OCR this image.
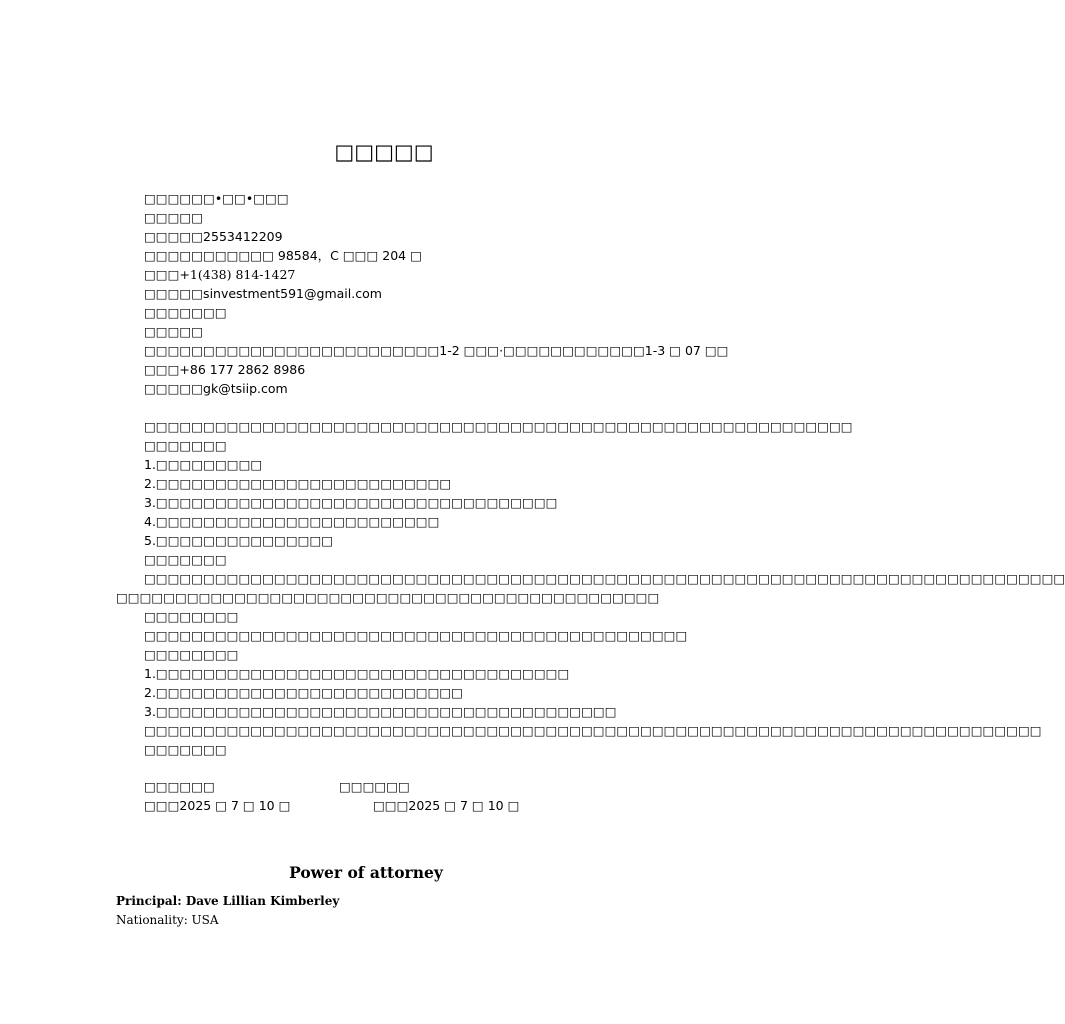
□□□□□
□□□□□□•□□•□□□
□□□□□
□□□□□2553412209
□□□□□□□□□□□ 98584，C □□□ 204 □
□□□+1(438) 814-1427
□□□□□sinvestment591@gmail.com
□□□□□□□
□□□□□
□□□□□□□□□□□□□□□□□□□□□□□□□1-2 □□□·□□□□□□□□□□□□1-3 □ 07 □□
□□□+86 177 2862 8986
□□□□□gk@tsiip.com
□□□□□□□□□□□□□□□□□□□□□□□□□□□□□□□□□□□□□□□□□□□□□□□□□□□□□□□□□□□□
□□□□□□□
1.□□□□□□□□□
2.□□□□□□□□□□□□□□□□□□□□□□□□□
3.□□□□□□□□□□□□□□□□□□□□□□□□□□□□□□□□□□
4.□□□□□□□□□□□□□□□□□□□□□□□□
5.□□□□□□□□□□□□□□□
□□□□□□□
□□□□□□□□□□□□□□□□□□□□□□□□□□□□□□□□□□□□□□□□□□□□□□□□□□□□□□□□□□□□□□□□□□□□□□□□□□□□□□
□□□□□□□□□□□□□□□□□□□□□□□□□□□□□□□□□□□□□□□□□□□□□□
□□□□□□□□
□□□□□□□□□□□□□□□□□□□□□□□□□□□□□□□□□□□□□□□□□□□□□□
□□□□□□□□
1.□□□□□□□□□□□□□□□□□□□□□□□□□□□□□□□□□□□
2.□□□□□□□□□□□□□□□□□□□□□□□□□□
3.□□□□□□□□□□□□□□□□□□□□□□□□□□□□□□□□□□□□□□□
□□□□□□□□□□□□□□□□□□□□□□□□□□□□□□□□□□□□□□□□□□□□□□□□□□□□□□□□□□□□□□□□□□□□□□□□□□□□
□□□□□□□
□□□□□□	□□□□□□
□□□2025 □ 7 □ 10 □	□□□2025 □ 7 □ 10 □
Power of attorney
Principal: Dave Lillian Kimberley
Nationality: USA
